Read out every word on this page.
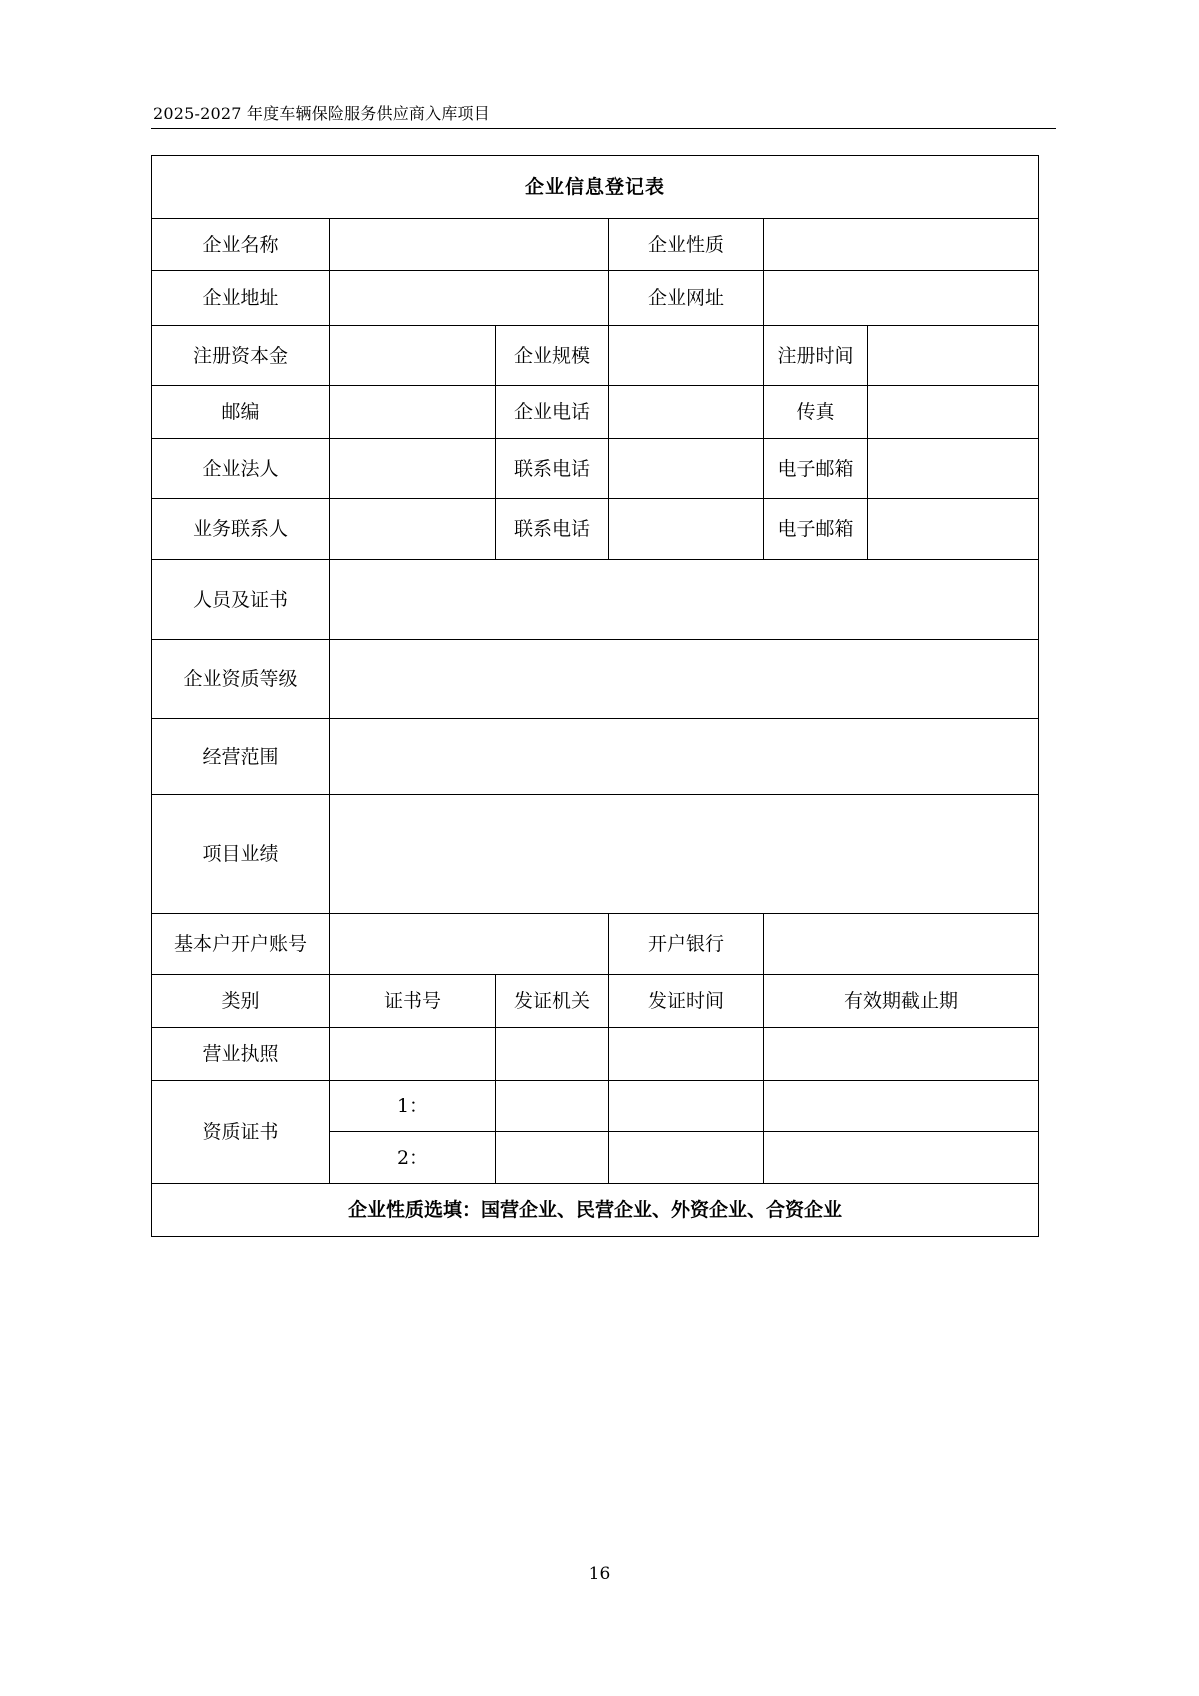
2025-2027 年度车辆保险服务供应商入库项目
企业信息登记表					
企业名称			企业性质		
企业地址			企业网址		
注册资本金		企业规模		注册时间	
邮编		企业电话		传真	
企业法人		联系电话		电子邮箱	
业务联系人		联系电话		电子邮箱	
人员及证书					
企业资质等级					
经营范围					
项目业绩					
基本户开户账号			开户银行		
类别	证书号	发证机关	发证时间	有效期截止期	
营业执照					
资质证书	1：				
	2：				
企业性质选填：国营企业、民营企业、外资企业、合资企业					
16
